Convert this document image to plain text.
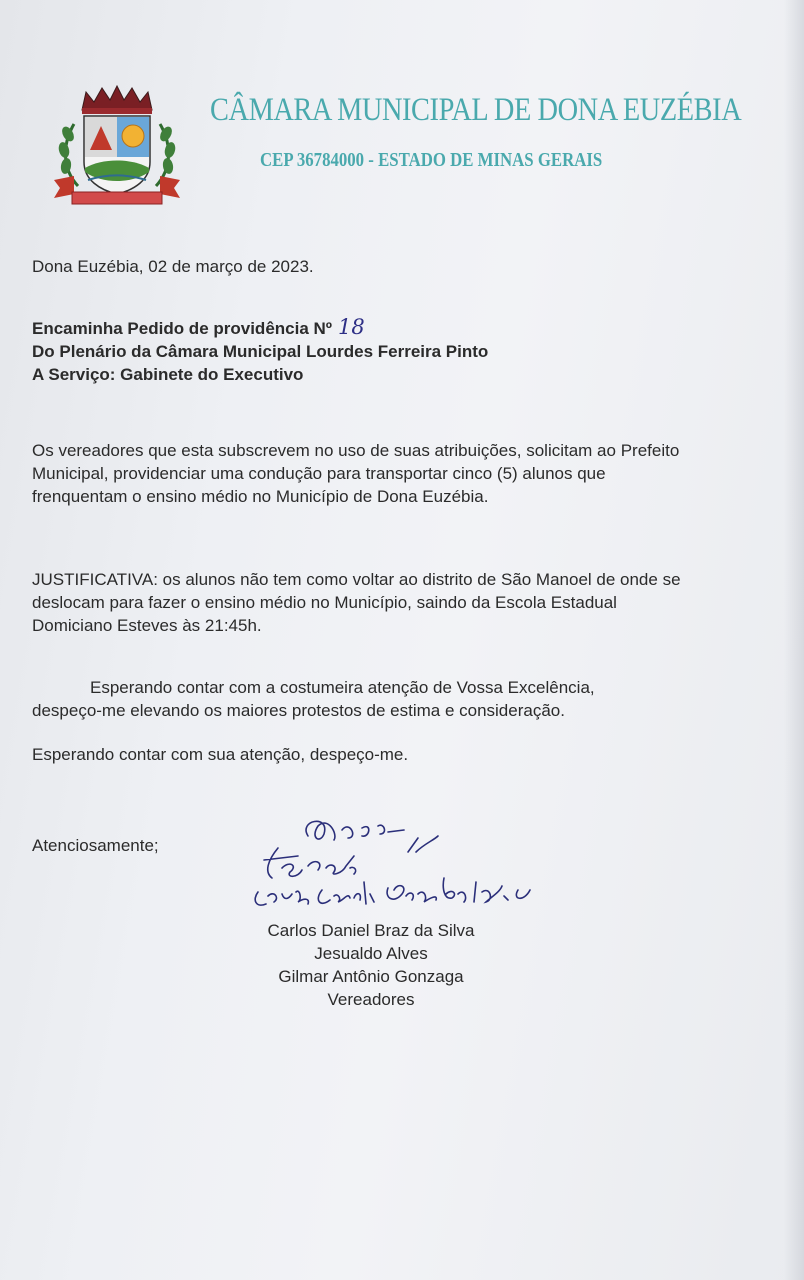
CÂMARA MUNICIPAL DE DONA EUZÉBIA
CEP 36784000 - ESTADO DE MINAS GERAIS
Dona Euzébia, 02 de março de 2023.
Encaminha Pedido de providência Nº 18
Do Plenário da Câmara Municipal Lourdes Ferreira Pinto
A Serviço: Gabinete do Executivo
Os vereadores que esta subscrevem no uso de suas atribuições, solicitam ao Prefeito Municipal, providenciar uma condução para transportar cinco (5) alunos que frenquentam o ensino médio no Município de Dona Euzébia.
JUSTIFICATIVA: os alunos não tem como voltar ao distrito de São Manoel de onde se deslocam para fazer o ensino médio no Município, saindo da Escola Estadual Domiciano Esteves às 21:45h.
Esperando contar com a costumeira atenção de Vossa Excelência,
despeço-me elevando os maiores protestos de estima e consideração.
Esperando contar com sua atenção, despeço-me.
Atenciosamente;
Carlos Daniel Braz da Silva
Jesualdo Alves
Gilmar Antônio Gonzaga
Vereadores
